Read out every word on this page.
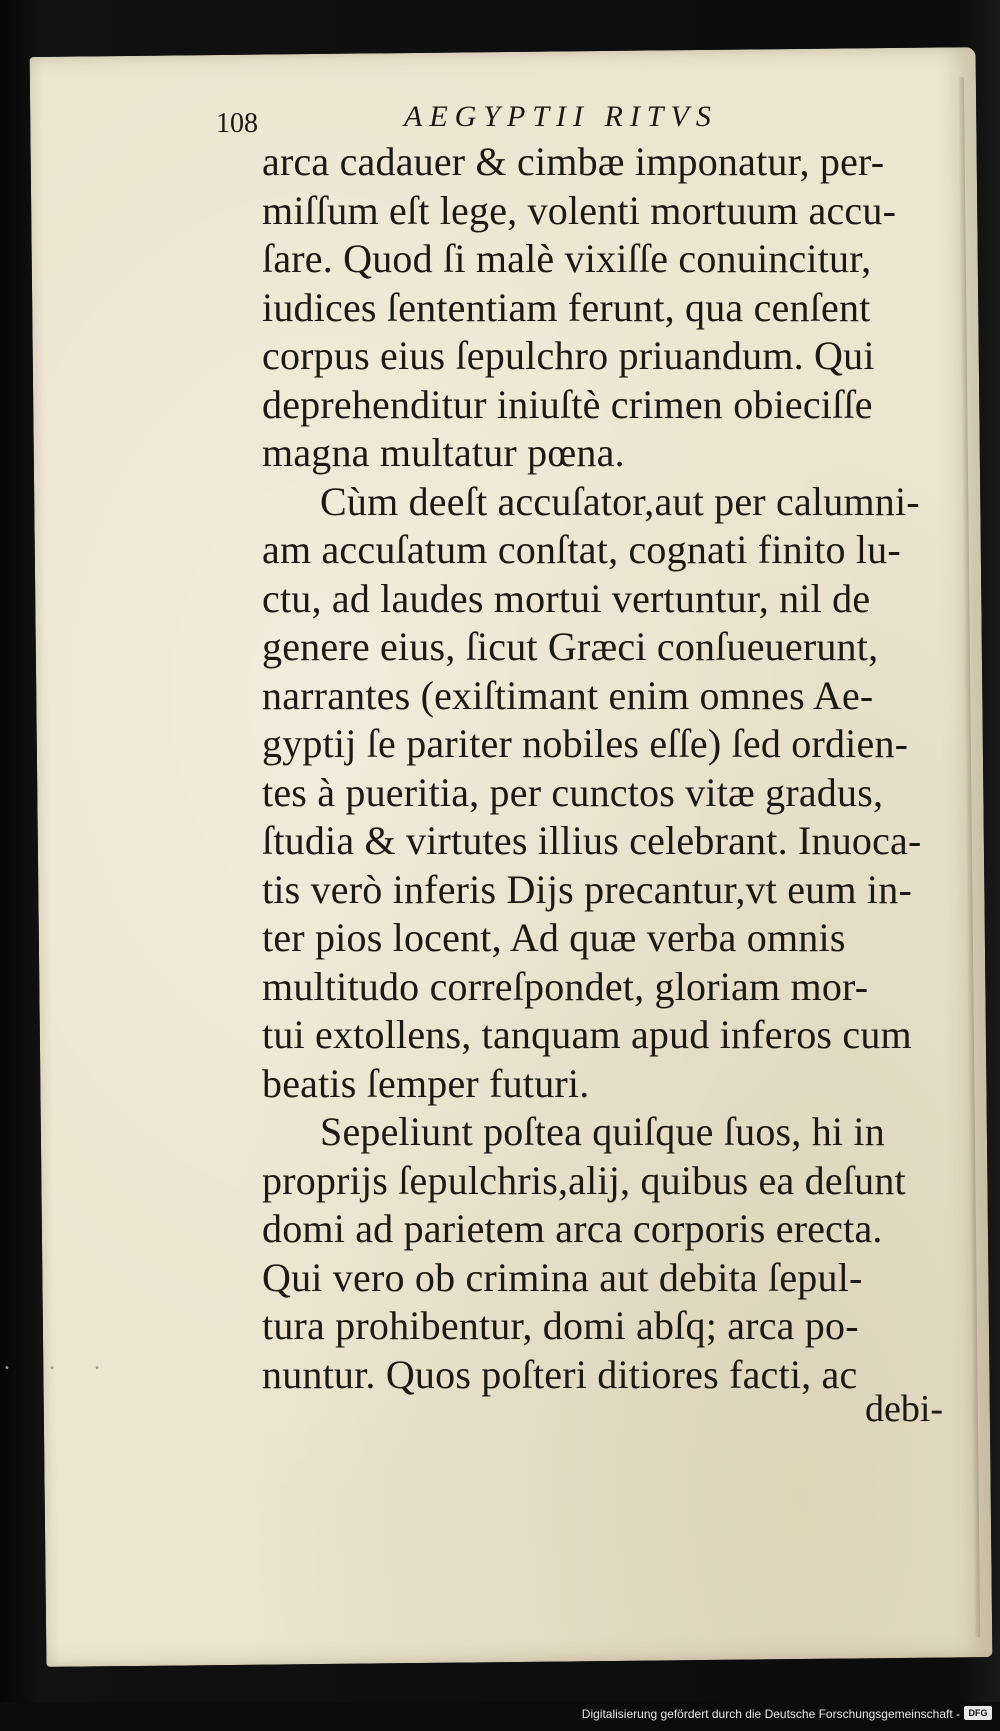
108	AEGYPTII RITVS
arca cadauer & cimbæ imponatur, per-
miſſum eſt lege, volenti mortuum accu-
ſare. Quod ſi malè vixiſſe conuincitur,
iudices ſententiam ferunt, qua cenſent
corpus eius ſepulchro priuandum. Qui
deprehenditur iniuſtè crimen obieciſſe
magna multatur pœna.
Cùm deeſt accuſator,aut per calumni-
am accuſatum conſtat, cognati finito lu-
ctu, ad laudes mortui vertuntur, nil de
genere eius, ſicut Græci conſueuerunt,
narrantes (exiſtimant enim omnes Ae-
gyptij ſe pariter nobiles eſſe) ſed ordien-
tes à pueritia, per cunctos vitæ gradus,
ſtudia & virtutes illius celebrant. Inuoca-
tis verò inferis Dijs precantur,vt eum in-
ter pios locent, Ad quæ verba omnis
multitudo correſpondet, gloriam mor-
tui extollens, tanquam apud inferos cum
beatis ſemper futuri.
Sepeliunt poſtea quiſque ſuos, hi in
proprijs ſepulchris,alij, quibus ea deſunt
domi ad parietem arca corporis erecta.
Qui vero ob crimina aut debita ſepul-
tura prohibentur, domi abſq; arca po-
nuntur. Quos poſteri ditiores facti, ac
debi-
• • •
Digitalisierung gefördert durch die Deutsche Forschungsgemeinschaft - DFG
